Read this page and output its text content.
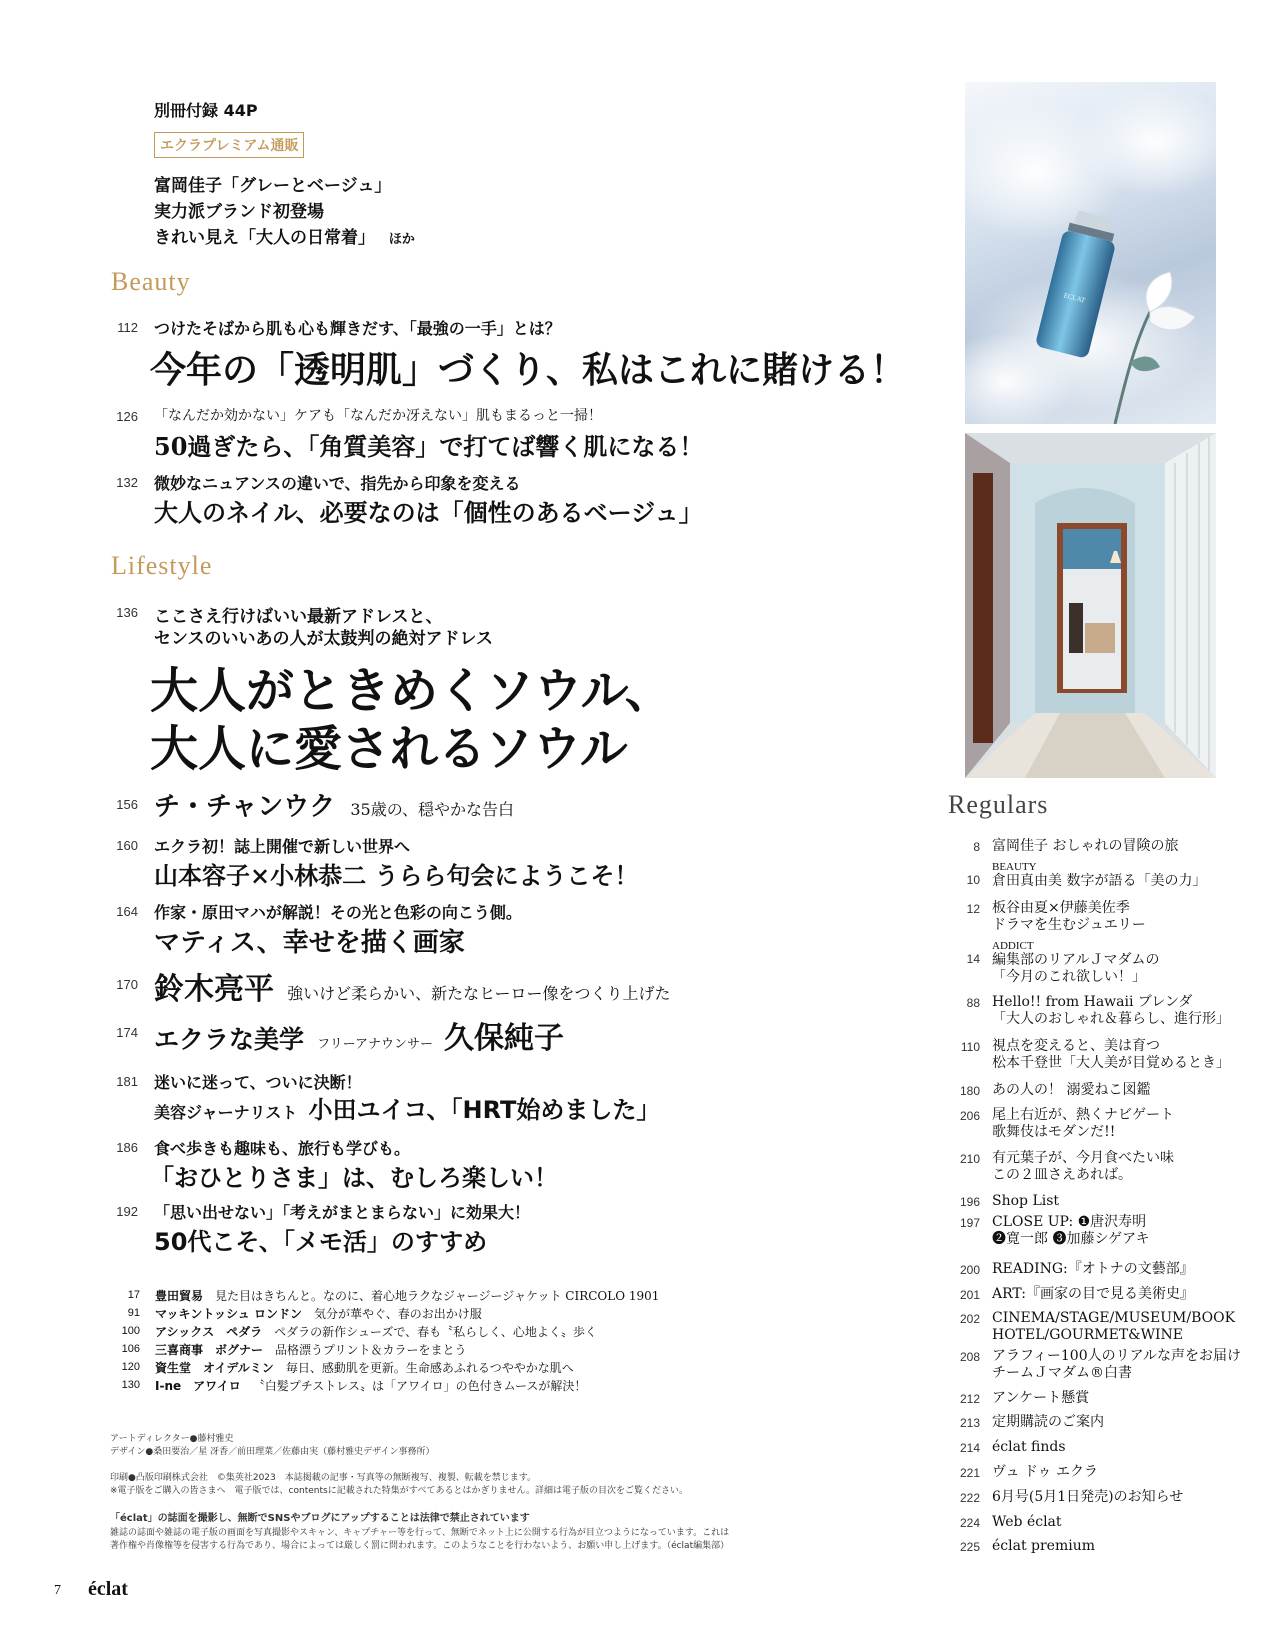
別冊付録 44P
エクラプレミアム通販
富岡佳子「グレーとベージュ」
実力派ブランド初登場
きれい見え「大人の日常着」 ほか
Beauty
112 つけたそばから肌も心も輝きだす、「最強の一手」とは？
今年の「透明肌」づくり、私はこれに賭ける！
126 「なんだか効かない」ケアも「なんだか冴えない」肌もまるっと一掃！
50過ぎたら、「角質美容」で打てば響く肌になる！
132 微妙なニュアンスの違いで、指先から印象を変える
大人のネイル、必要なのは「個性のあるベージュ」
Lifestyle
136 ここさえ行けばいい最新アドレスと、
センスのいいあの人が太鼓判の絶対アドレス
大人がときめくソウル、
大人に愛されるソウル
156 チ・チャンウク 35歳の、穏やかな告白
160 エクラ初！誌上開催で新しい世界へ
山本容子×小林恭二 うらら句会にようこそ！
164 作家・原田マハが解説！その光と色彩の向こう側。
マティス、幸せを描く画家
170 鈴木亮平 強いけど柔らかい、新たなヒーロー像をつくり上げた
174 エクラな美学 フリーアナウンサー 久保純子
181 迷いに迷って、ついに決断！
美容ジャーナリスト 小田ユイコ、「HRT始めました」
186 食べ歩きも趣味も、旅行も学びも。
「おひとりさま」は、むしろ楽しい！
192 「思い出せない」「考えがまとまらない」に効果大！
50代こそ、「メモ活」のすすめ
17 豊田貿易 見た目はきちんと。なのに、着心地ラクなジャージージャケット CIRCOLO 1901
91 マッキントッシュ ロンドン 気分が華やぐ、春のお出かけ服
100 アシックス　ペダラ ペダラの新作シューズで、春も〝私らしく、心地よく〟歩く
106 三喜商事　ボグナー 品格漂うプリント＆カラーをまとう
120 資生堂　オイデルミン 毎日、感動肌を更新。生命感あふれるつややかな肌へ
130 I-ne　アワイロ 〝白髪プチストレス〟は「アワイロ」の色付きムースが解決！
アートディレクター●藤村雅史
デザイン●桑田要治／星 冴香／前田理菜／佐藤由実（藤村雅史デザイン事務所）
印刷●凸版印刷株式会社　©集英社2023　本誌掲載の記事・写真等の無断複写、複製、転載を禁じます。
※電子版をご購入の皆さまへ　電子版では、contentsに記載された特集がすべてあるとはかぎりません。詳細は電子版の目次をご覧ください。
「éclat」の誌面を撮影し、無断でSNSやブログにアップすることは法律で禁止されています
雑誌の誌面や雑誌の電子版の画面を写真撮影やスキャン、キャプチャー等を行って、無断でネット上に公開する行為が目立つようになっています。これは
著作権や肖像権等を侵害する行為であり、場合によっては厳しく罰に問われます。このようなことを行わないよう、お願い申し上げます。（éclat編集部）
7 éclat
ECLAT
Regulars
8 富岡佳子 おしゃれの冒険の旅
10
BEAUTY
倉田真由美 数字が語る「美の力」
12 板谷由夏×伊藤美佐季
ドラマを生むジュエリー
14
ADDICT
編集部のリアルＪマダムの
「今月のこれ欲しい！」
88 Hello!! from Hawaii ブレンダ
「大人のおしゃれ＆暮らし、進行形」
110 視点を変えると、美は育つ
松本千登世「大人美が目覚めるとき」
180 あの人の！ 溺愛ねこ図鑑
206 尾上右近が、熱くナビゲート
歌舞伎はモダンだ!!
210 有元葉子が、今月食べたい味
この２皿さえあれば。
196 Shop List
197 CLOSE UP: ❶唐沢寿明
❷寛一郎 ❸加藤シゲアキ
200 READING:『オトナの文藝部』
201 ART:『画家の目で見る美術史』
202 CINEMA/STAGE/MUSEUM/BOOK
HOTEL/GOURMET&WINE
208 アラフィー100人のリアルな声をお届け
チームＪマダム®白書
212 アンケート懸賞
213 定期購読のご案内
214 éclat finds
221 ヴュ ドゥ エクラ
222 6月号(5月1日発売)のお知らせ
224 Web éclat
225 éclat premium
